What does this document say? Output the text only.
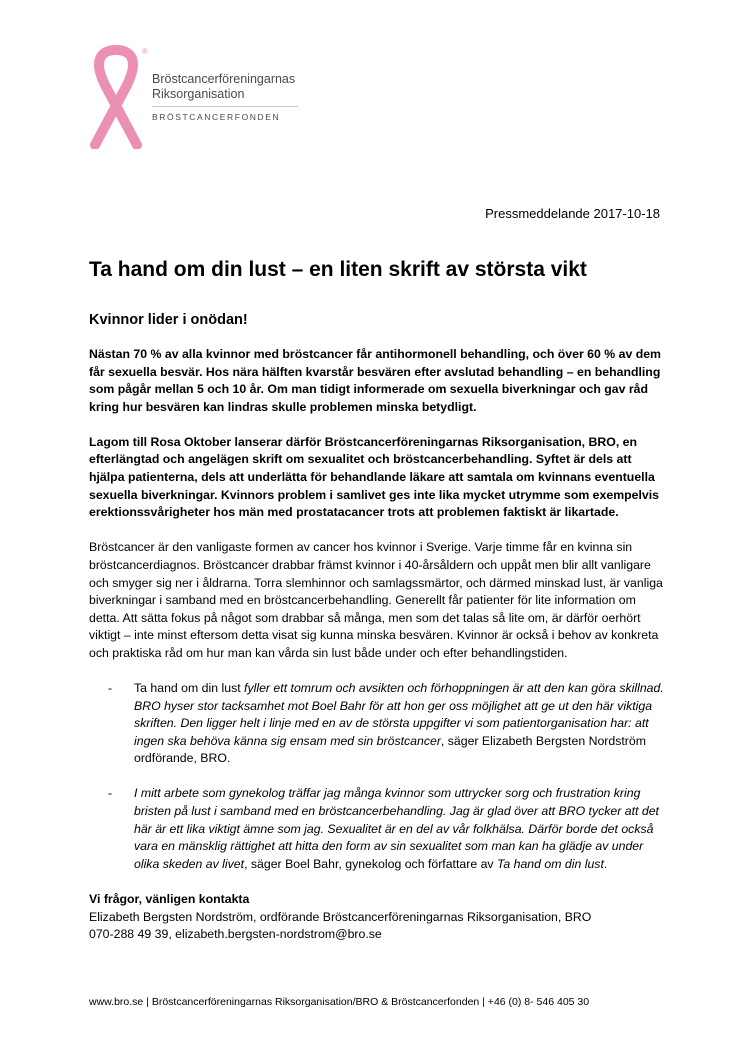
®
Bröstcancerföreningarnas
Riksorganisation
BRÖSTCANCERFONDEN
Pressmeddelande 2017-10-18
Ta hand om din lust – en liten skrift av största vikt
Kvinnor lider i onödan!

Nästan 70 % av alla kvinnor med bröstcancer får antihormonell behandling, och över 60 % av dem får sexuella besvär. Hos nära hälften kvarstår besvären efter avslutad behandling – en behandling som pågår mellan 5 och 10 år. Om man tidigt informerade om sexuella biverkningar och gav råd kring hur besvären kan lindras skulle problemen minska betydligt.

Lagom till Rosa Oktober lanserar därför Bröstcancerföreningarnas Riksorganisation, BRO, en efterlängtad och angelägen skrift om sexualitet och bröstcancerbehandling. Syftet är dels att hjälpa patienterna, dels att underlätta för behandlande läkare att samtala om kvinnans eventuella sexuella biverkningar. Kvinnors problem i samlivet ges inte lika mycket utrymme som exempelvis erektionssvårigheter hos män med prostatacancer trots att problemen faktiskt är likartade.

Bröstcancer är den vanligaste formen av cancer hos kvinnor i Sverige. Varje timme får en kvinna sin bröstcancerdiagnos. Bröstcancer drabbar främst kvinnor i 40-årsåldern och uppåt men blir allt vanligare och smyger sig ner i åldrarna. Torra slemhinnor och samlagssmärtor, och därmed minskad lust, är vanliga biverkningar i samband med en bröstcancerbehandling. Generellt får patienter för lite information om detta. Att sätta fokus på något som drabbar så många, men som det talas så lite om, är därför oerhört viktigt – inte minst eftersom detta visat sig kunna minska besvären. Kvinnor är också i behov av konkreta och praktiska råd om hur man kan vårda sin lust både under och efter behandlingstiden.

- Ta hand om din lust fyller ett tomrum och avsikten och förhoppningen är att den kan göra skillnad. BRO hyser stor tacksamhet mot Boel Bahr för att hon ger oss möjlighet att ge ut den här viktiga skriften. Den ligger helt i linje med en av de största uppgifter vi som patientorganisation har: att ingen ska behöva känna sig ensam med sin bröstcancer, säger Elizabeth Bergsten Nordström ordförande, BRO.
- I mitt arbete som gynekolog träffar jag många kvinnor som uttrycker sorg och frustration kring bristen på lust i samband med en bröstcancerbehandling. Jag är glad över att BRO tycker att det här är ett lika viktigt ämne som jag. Sexualitet är en del av vår folkhälsa. Därför borde det också vara en mänsklig rättighet att hitta den form av sin sexualitet som man kan ha glädje av under olika skeden av livet, säger Boel Bahr, gynekolog och författare av Ta hand om din lust.
Vi frågor, vänligen kontakta
Elizabeth Bergsten Nordström, ordförande Bröstcancerföreningarnas Riksorganisation, BRO
070-288 49 39, elizabeth.bergsten-nordstrom@bro.se
www.bro.se | Bröstcancerföreningarnas Riksorganisation/BRO & Bröstcancerfonden | +46 (0) 8- 546 405 30
